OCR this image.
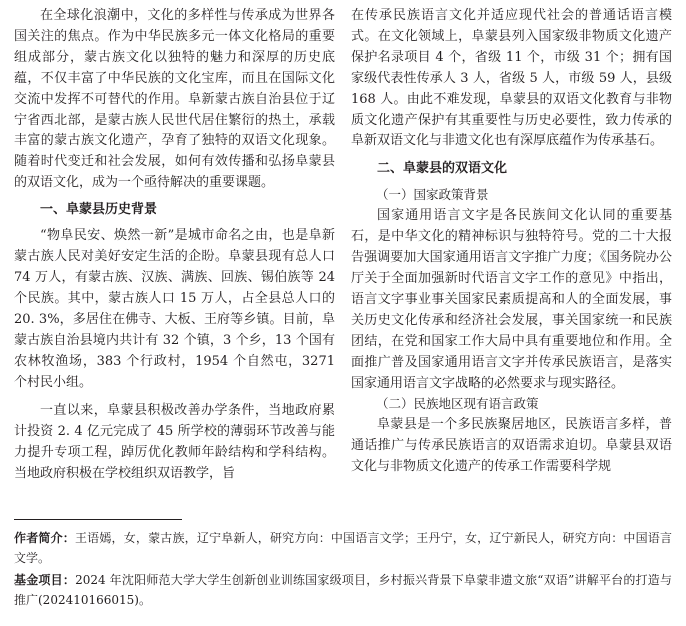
在全球化浪潮中，文化的多样性与传承成为世界各国关注的焦点。作为中华民族多元一体文化格局的重要组成部分，蒙古族文化以独特的魅力和深厚的历史底蕴，不仅丰富了中华民族的文化宝库，而且在国际文化交流中发挥不可替代的作用。阜新蒙古族自治县位于辽宁省西北部，是蒙古族人民世代居住繁衍的热土，承载丰富的蒙古族文化遗产，孕育了独特的双语文化现象。随着时代变迁和社会发展，如何有效传播和弘扬阜蒙县的双语文化，成为一个亟待解决的重要课题。

一、阜蒙县历史背景

“物阜民安、焕然一新”是城市命名之由，也是阜新蒙古族人民对美好安定生活的企盼。阜蒙县现有总人口 74 万人，有蒙古族、汉族、满族、回族、锡伯族等 24 个民族。其中，蒙古族人口 15 万人，占全县总人口的 20. 3%，多居住在佛寺、大板、王府等乡镇。目前，阜蒙古族自治县境内共计有 32 个镇，3 个乡，13 个国有农林牧渔场，383 个行政村，1954 个自然屯，3271 个村民小组。

一直以来，阜蒙县积极改善办学条件，当地政府累计投资 2. 4 亿元完成了 45 所学校的薄弱环节改善与能力提升专项工程，踔厉优化教师年龄结构和学科结构。当地政府积极在学校组织双语教学，旨

在传承民族语言文化并适应现代社会的普通话语言模式。在文化领域上，阜蒙县列入国家级非物质文化遗产保护名录项目 4 个，省级 11 个，市级 31 个；拥有国家级代表性传承人 3 人，省级 5 人，市级 59 人，县级 168 人。由此不难发现，阜蒙县的双语文化教育与非物质文化遗产保护有其重要性与历史必要性，致力传承的阜新双语文化与非遗文化也有深厚底蕴作为传承基石。

二、阜蒙县的双语文化

（一）国家政策背景

国家通用语言文字是各民族间文化认同的重要基石，是中华文化的精神标识与独特符号。党的二十大报告强调要加大国家通用语言文字推广力度；《国务院办公厅关于全面加强新时代语言文字工作的意见》中指出，语言文字事业事关国家民素质提高和人的全面发展，事关历史文化传承和经济社会发展，事关国家统一和民族团结，在党和国家工作大局中具有重要地位和作用。全面推广普及国家通用语言文字并传承民族语言，是落实国家通用语言文字战略的必然要求与现实路径。

（二）民族地区现有语言政策

阜蒙县是一个多民族聚居地区，民族语言多样，普通话推广与传承民族语言的双语需求迫切。阜蒙县双语文化与非物质文化遗产的传承工作需要科学规

作者简介：王语嫣，女，蒙古族，辽宁阜新人，研究方向：中国语言文学；王丹宁，女，辽宁新民人，研究方向：中国语言文学。

基金项目：2024 年沈阳师范大学大学生创新创业训练国家级项目，乡村振兴背景下阜蒙非遗文旅“双语”讲解平台的打造与推广(202410166015)。
